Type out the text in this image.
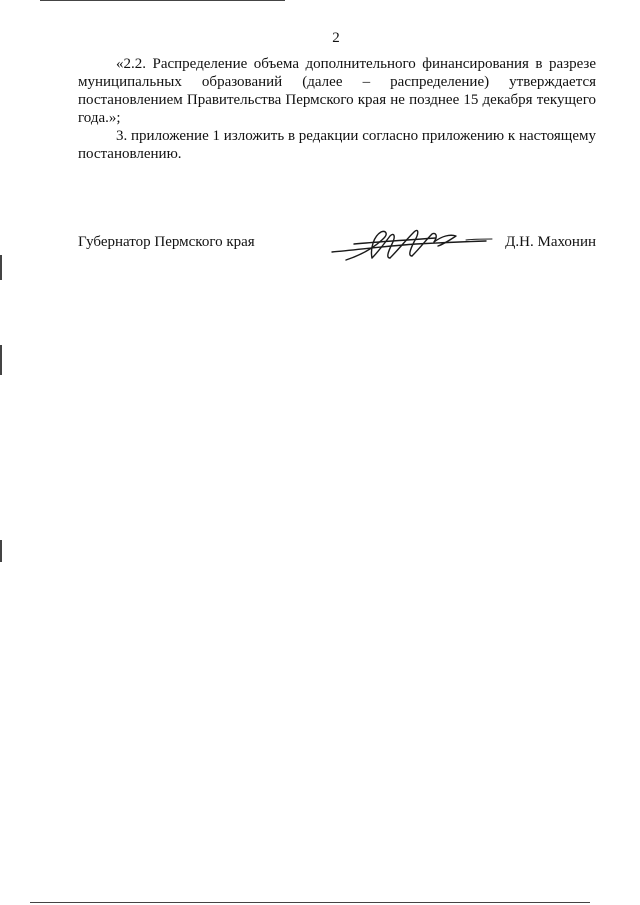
2

«2.2. Распределение объема дополнительного финансирования в разрезе муниципальных образований (далее – распределение) утверждается постановлением Правительства Пермского края не позднее 15 декабря текущего года.»;

3. приложение 1 изложить в редакции согласно приложению к настоящему постановлению.

Губернатор Пермского края	Д.Н. Махонин
